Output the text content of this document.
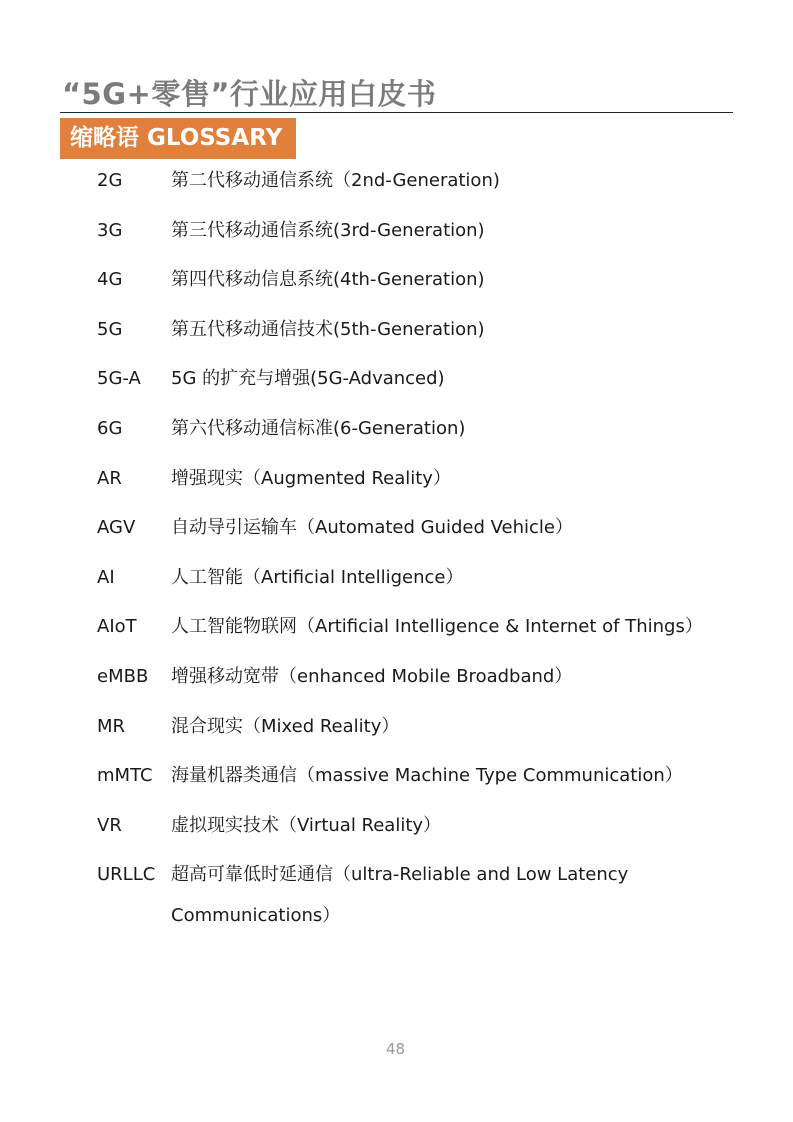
“5G+零售”行业应用白皮书
缩略语 GLOSSARY
2G	第二代移动通信系统（2nd-Generation)
3G	第三代移动通信系统(3rd-Generation)
4G	第四代移动信息系统(4th-Generation)
5G	第五代移动通信技术(5th-Generation)
5G-A 5G 的扩充与增强(5G-Advanced)
6G	第六代移动通信标准(6-Generation)
AR	增强现实（Augmented Reality）
AGV 自动导引运输车（Automated Guided Vehicle）
AI	人工智能（Artificial Intelligence）
AIoT 人工智能物联网（Artificial Intelligence & Internet of Things）
eMBB 增强移动宽带（enhanced Mobile Broadband）
MR	混合现实（Mixed Reality）
mMTC 海量机器类通信（massive Machine Type Communication）
VR	虚拟现实技术（Virtual Reality）
URLLC 超高可靠低时延通信（ultra-Reliable and Low Latency
Communications）
48
